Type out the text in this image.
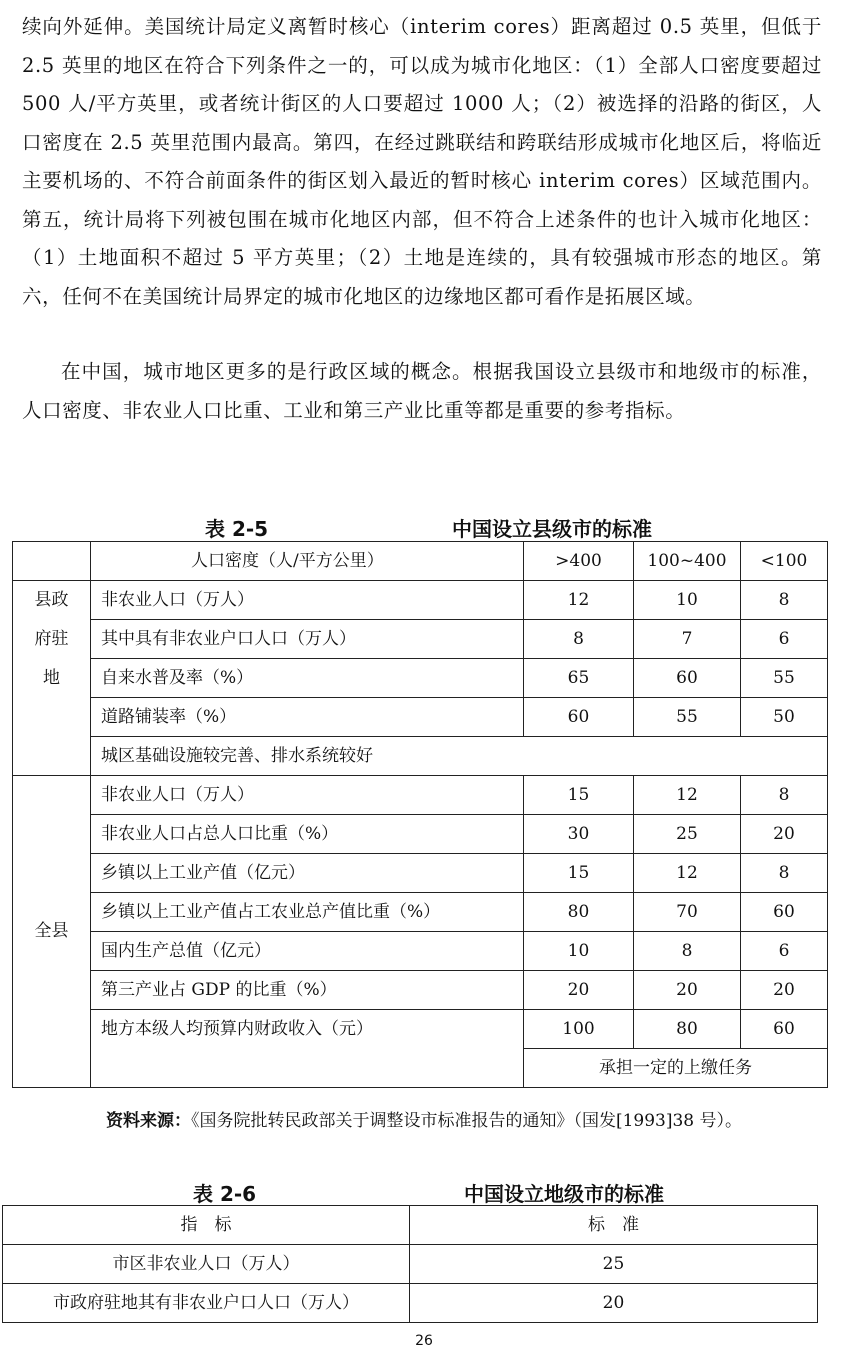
续向外延伸。美国统计局定义离暂时核心（interim cores）距离超过 0.5 英里，但低于 2.5 英里的地区在符合下列条件之一的，可以成为城市化地区：（1）全部人口密度要超过 500 人/平方英里，或者统计街区的人口要超过 1000 人；（2）被选择的沿路的街区，人口密度在 2.5 英里范围内最高。第四，在经过跳联结和跨联结形成城市化地区后，将临近主要机场的、不符合前面条件的街区划入最近的暂时核心 interim cores）区域范围内。第五，统计局将下列被包围在城市化地区内部，但不符合上述条件的也计入城市化地区：（1）土地面积不超过 5 平方英里；（2）土地是连续的，具有较强城市形态的地区。第六，任何不在美国统计局界定的城市化地区的边缘地区都可看作是拓展区域。

在中国，城市地区更多的是行政区域的概念。根据我国设立县级市和地级市的标准，人口密度、非农业人口比重、工业和第三产业比重等都是重要的参考指标。

表 2-5	中国设立县级市的标准
	人口密度（人/平方公里）	>400	100~400	<100
县政府驻地	非农业人口（万人）	12	10	8
	其中具有非农业户口人口（万人）	8	7	6
	自来水普及率（%）	65	60	55
	道路铺装率（%）	60	55	50
	城区基础设施较完善、排水系统较好			
全县	非农业人口（万人）	15	12	8
	非农业人口占总人口比重（%）	30	25	20
	乡镇以上工业产值（亿元）	15	12	8
	乡镇以上工业产值占工农业总产值比重（%）	80	70	60
	国内生产总值（亿元）	10	8	6
	第三产业占 GDP 的比重（%）	20	20	20
	地方本级人均预算内财政收入（元）	100	80	60
		承担一定的上缴任务		
资料来源：《国务院批转民政部关于调整设市标准报告的通知》（国发[1993]38 号）。
表 2-6	中国设立地级市的标准
指　标	标　准
市区非农业人口（万人）	25
市政府驻地其有非农业户口人口（万人）	20
26
